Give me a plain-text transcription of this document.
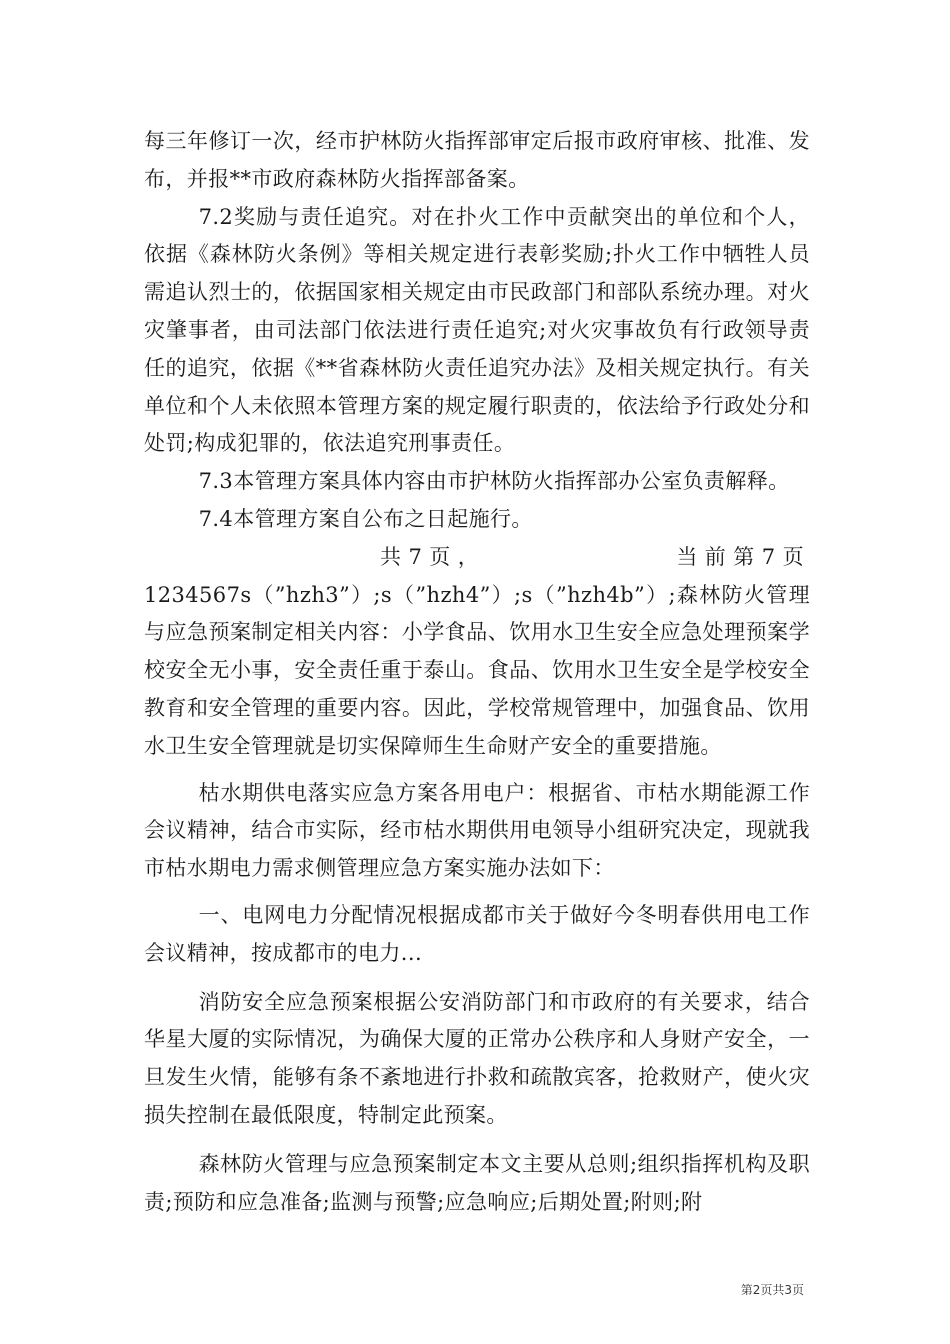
每三年修订一次，经市护林防火指挥部审定后报市政府审核、批准、发布，并报**市政府森林防火指挥部备案。

7.2奖励与责任追究。对在扑火工作中贡献突出的单位和个人，依据《森林防火条例》等相关规定进行表彰奖励;扑火工作中牺牲人员需追认烈士的，依据国家相关规定由市民政部门和部队系统办理。对火灾肇事者，由司法部门依法进行责任追究;对火灾事故负有行政领导责任的追究，依据《**省森林防火责任追究办法》及相关规定执行。有关单位和个人未依照本管理方案的规定履行职责的，依法给予行政处分和处罚;构成犯罪的，依法追究刑事责任。

7.3本管理方案具体内容由市护林防火指挥部办公室负责解释。

7.4本管理方案自公布之日起施行。

共 7 页 ，	当 前 第 7 页

1234567s（”hzh3”）;s（”hzh4”）;s（”hzh4b”）;森林防火管理与应急预案制定相关内容：小学食品、饮用水卫生安全应急处理预案学校安全无小事，安全责任重于泰山。食品、饮用水卫生安全是学校安全教育和安全管理的重要内容。因此，学校常规管理中，加强食品、饮用水卫生安全管理就是切实保障师生生命财产安全的重要措施。

枯水期供电落实应急方案各用电户：根据省、市枯水期能源工作会议精神，结合市实际，经市枯水期供用电领导小组研究决定，现就我市枯水期电力需求侧管理应急方案实施办法如下：

一、电网电力分配情况根据成都市关于做好今冬明春供用电工作会议精神，按成都市的电力...

消防安全应急预案根据公安消防部门和市政府的有关要求，结合华星大厦的实际情况，为确保大厦的正常办公秩序和人身财产安全，一旦发生火情，能够有条不紊地进行扑救和疏散宾客，抢救财产，使火灾损失控制在最低限度，特制定此预案。

森林防火管理与应急预案制定本文主要从总则;组织指挥机构及职责;预防和应急准备;监测与预警;应急响应;后期处置;附则;附

第2页共3页
